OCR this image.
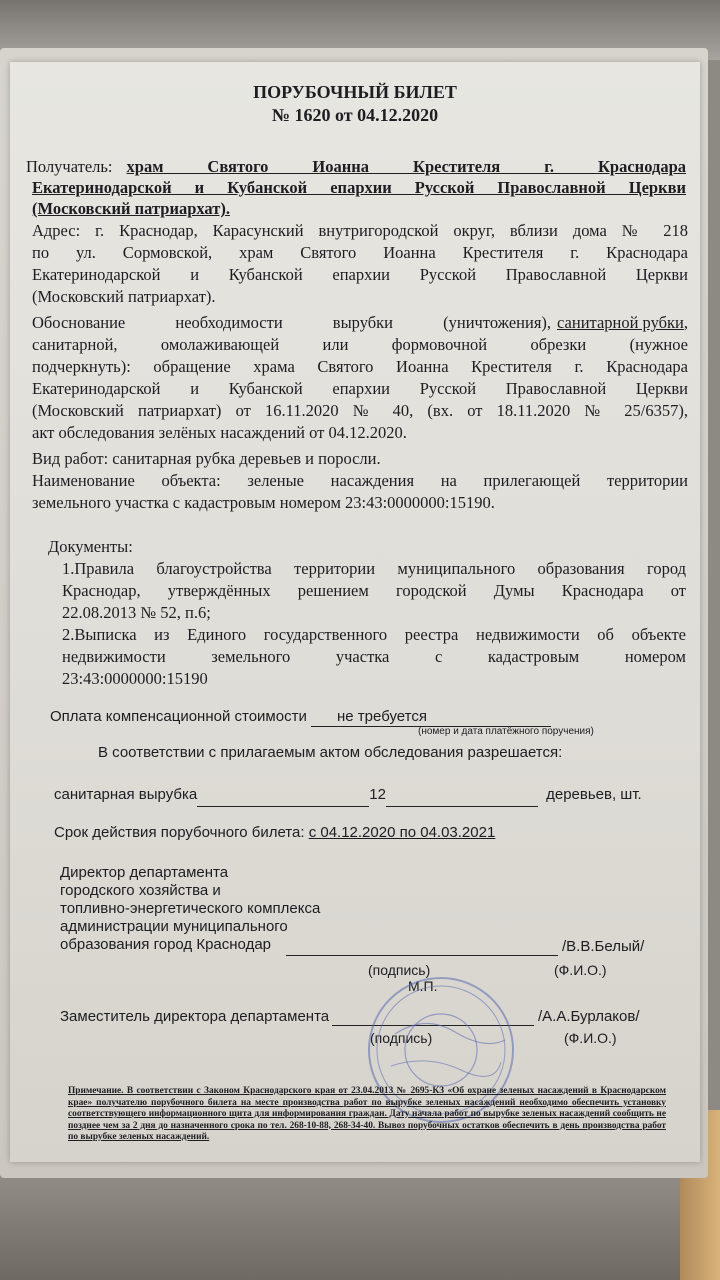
ПОРУБОЧНЫЙ БИЛЕТ
№ 1620 от 04.12.2020
Получатель: храм Святого Иоанна Крестителя г. Краснодара
Екатеринодарской и Кубанской епархии Русской Православной Церкви
(Московский патриархат).
Адрес: г. Краснодар, Карасунский внутригородской округ, вблизи дома № 218
по ул. Сормовской, храм Святого Иоанна Крестителя г. Краснодара
Екатеринодарской и Кубанской епархии Русской Православной Церкви
(Московский патриархат).
Обоснование необходимости вырубки (уничтожения), санитарной рубки ,
санитарной, омолаживающей или формовочной обрезки (нужное
подчеркнуть): обращение храма Святого Иоанна Крестителя г. Краснодара
Екатеринодарской и Кубанской епархии Русской Православной Церкви
(Московский патриархат) от 16.11.2020 № 40, (вх. от 18.11.2020 № 25/6357),
акт обследования зелёных насаждений от 04.12.2020.
Вид работ: санитарная рубка деревьев и поросли.
Наименование объекта: зеленые насаждения на прилегающей территории
земельного участка с кадастровым номером 23:43:0000000:15190.
Документы:
1.Правила благоустройства территории муниципального образования город
Краснодар, утверждённых решением городской Думы Краснодара от
22.08.2013 № 52, п.6;
2.Выписка из Единого государственного реестра недвижимости об объекте
недвижимости земельного участка с кадастровым номером
23:43:0000000:15190
Оплата компенсационной стоимости не требуется
(номер и дата платёжного поручения)
В соответствии с прилагаемым актом обследования разрешается:
санитарная вырубка	12	деревьев, шт.
Срок действия порубочного билета: с 04.12.2020 по 04.03.2021
Директор департамента
городского хозяйства и
топливно-энергетического комплекса
администрации муниципального
образования город Краснодар	/В.В.Белый/
(подпись)	(Ф.И.О.)
М.П.
Заместитель директора департамента	/А.А.Бурлаков/
(подпись)	(Ф.И.О.)
Примечание. В соответствии с Законом Краснодарского края от 23.04.2013 № 2695-КЗ «Об охране зеленых насаждений в Краснодарском крае» получателю порубочного билета на месте производства работ по вырубке зеленых насаждений необходимо обеспечить установку соответствующего информационного щита для информирования граждан. Дату начала работ по вырубке зеленых насаждений сообщить не позднее чем за 2 дня до назначенного срока по тел. 268-10-88, 268-34-40. Вывоз порубочных остатков обеспечить в день производства работ по вырубке зеленых насаждений.
